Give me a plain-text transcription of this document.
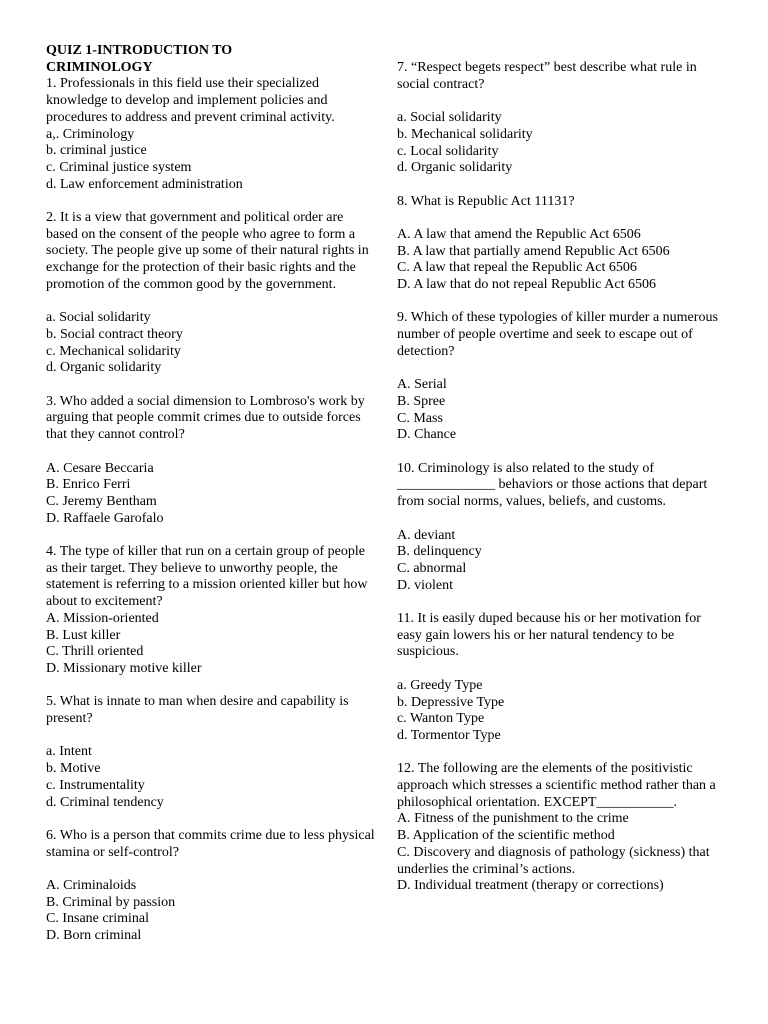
QUIZ 1-INTRODUCTION TO

CRIMINOLOGY

1. Professionals in this field use their specialized knowledge to develop and implement policies and procedures to address and prevent criminal activity.

a,. Criminology

b. criminal justice

c. Criminal justice system

d. Law enforcement administration

2. It is a view that government and political order are based on the consent of the people who agree to form a society. The people give up some of their natural rights in exchange for the protection of their basic rights and the promotion of the common good by the government.

a. Social solidarity

b. Social contract theory

c. Mechanical solidarity

d. Organic solidarity

3. Who added a social dimension to Lombroso's work by arguing that people commit crimes due to outside forces that they cannot control?

A. Cesare Beccaria

B. Enrico Ferri

C. Jeremy Bentham

D. Raffaele Garofalo

4. The type of killer that run on a certain group of people as their target. They believe to unworthy people, the statement is referring to a mission oriented killer but how about to excitement?

A. Mission-oriented

B. Lust killer

C. Thrill oriented

D. Missionary motive killer

5. What is innate to man when desire and capability is present?

a. Intent

b. Motive

c. Instrumentality

d. Criminal tendency

6. Who is a person that commits crime due to less physical stamina or self-control?

A. Criminaloids

B. Criminal by passion

C. Insane criminal

D. Born criminal

7. “Respect begets respect” best describe what rule in social contract?

a. Social solidarity

b. Mechanical solidarity

c. Local solidarity

d. Organic solidarity

8. What is Republic Act 11131?

A. A law that amend the Republic Act 6506

B. A law that partially amend Republic Act 6506

C. A law that repeal the Republic Act 6506

D. A law that do not repeal Republic Act 6506

9. Which of these typologies of killer murder a numerous number of people overtime and seek to escape out of detection?

A. Serial

B. Spree

C. Mass

D. Chance

10. Criminology is also related to the study of ______________ behaviors or those actions that depart from social norms, values, beliefs, and customs.

A. deviant

B. delinquency

C. abnormal

D. violent

11. It is easily duped because his or her motivation for easy gain lowers his or her natural tendency to be suspicious.

a. Greedy Type

b. Depressive Type

c. Wanton Type

d. Tormentor Type

12. The following are the elements of the positivistic approach which stresses a scientific method rather than a philosophical orientation. EXCEPT___________.

A. Fitness of the punishment to the crime

B. Application of the scientific method

C. Discovery and diagnosis of pathology (sickness) that underlies the criminal’s actions.

D. Individual treatment (therapy or corrections)
